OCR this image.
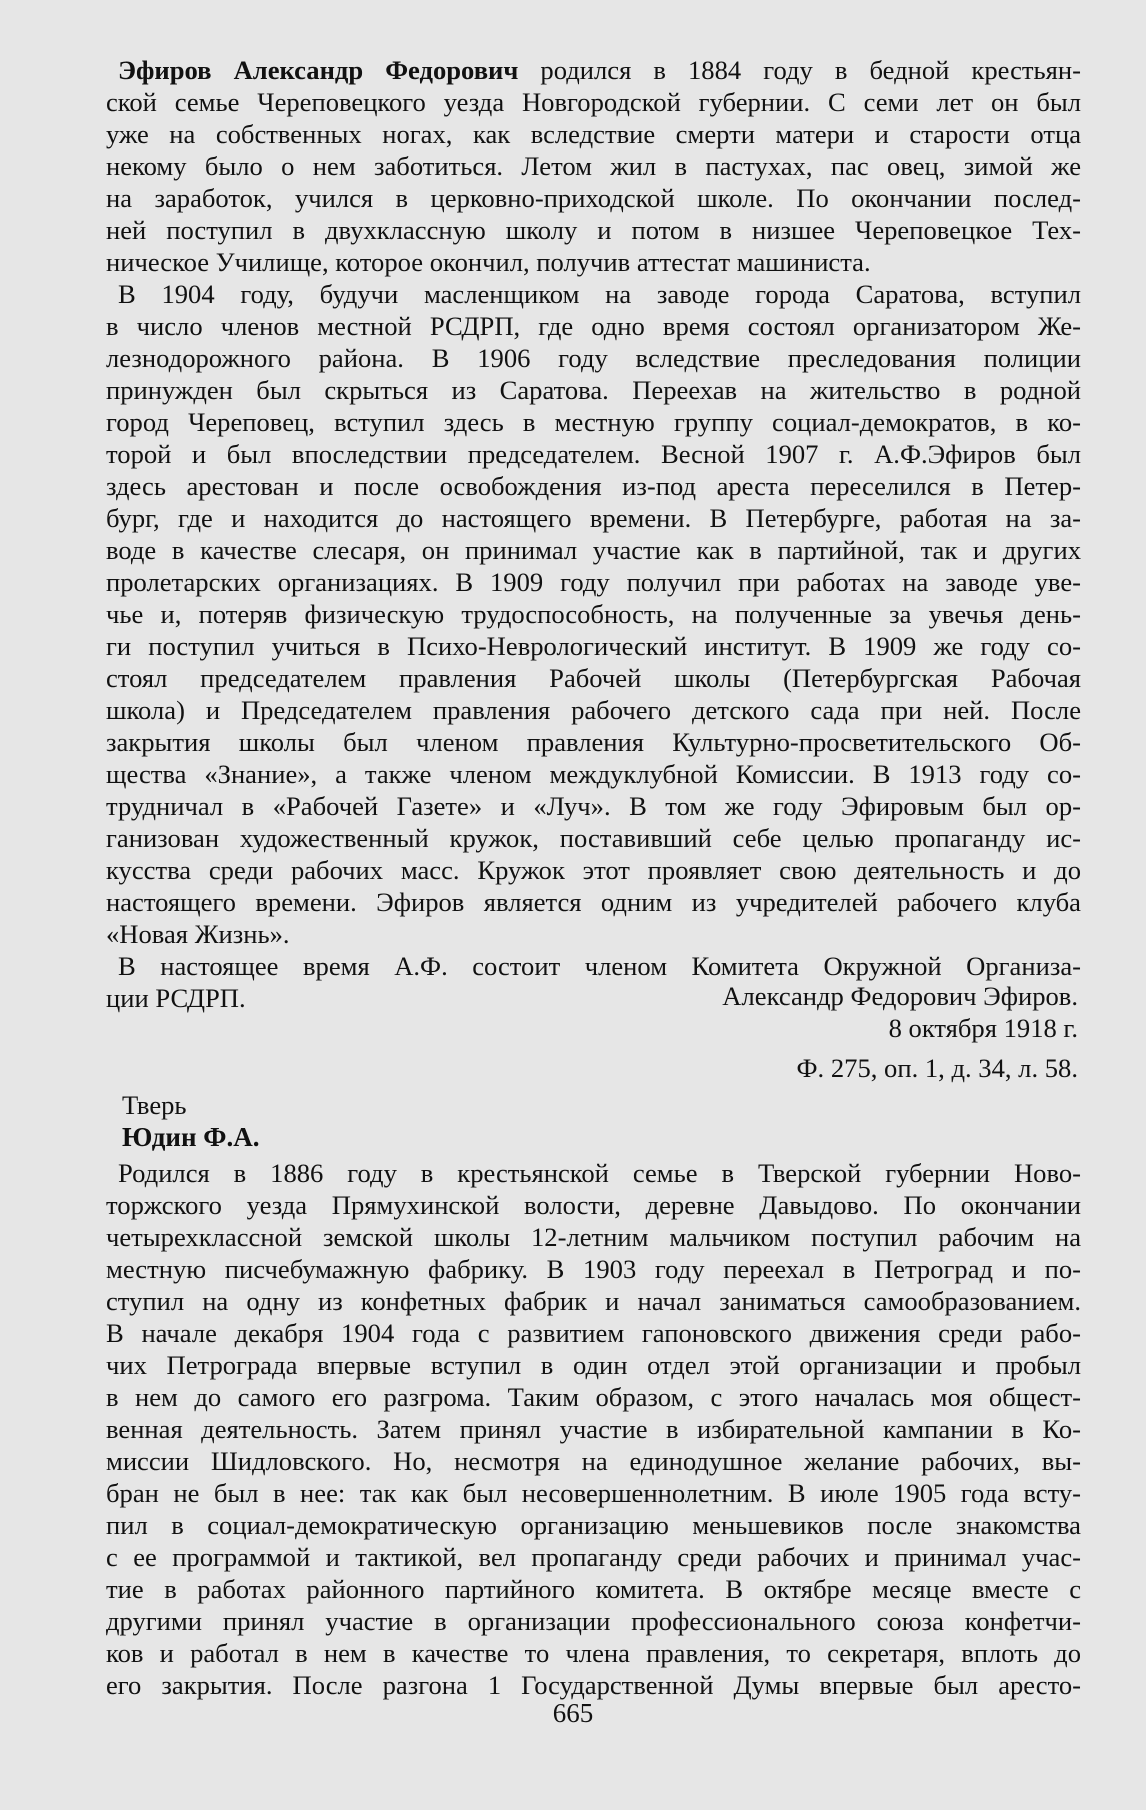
Эфиров Александр Федорович родился в 1884 году в бедной крестьян-
ской семье Череповецкого уезда Новгородской губернии. С семи лет он был
уже на собственных ногах, как вследствие смерти матери и старости отца
некому было о нем заботиться. Летом жил в пастухах, пас овец, зимой же
на заработок, учился в церковно-приходской школе. По окончании послед-
ней поступил в двухклассную школу и потом в низшее Череповецкое Тех-
ническое Училище, которое окончил, получив аттестат машиниста.
В 1904 году, будучи масленщиком на заводе города Саратова, вступил
в число членов местной РСДРП, где одно время состоял организатором Же-
лезнодорожного района. В 1906 году вследствие преследования полиции
принужден был скрыться из Саратова. Переехав на жительство в родной
город Череповец, вступил здесь в местную группу социал-демократов, в ко-
торой и был впоследствии председателем. Весной 1907 г. А.Ф.Эфиров был
здесь арестован и после освобождения из-под ареста переселился в Петер-
бург, где и находится до настоящего времени. В Петербурге, работая на за-
воде в качестве слесаря, он принимал участие как в партийной, так и других
пролетарских организациях. В 1909 году получил при работах на заводе уве-
чье и, потеряв физическую трудоспособность, на полученные за увечья день-
ги поступил учиться в Психо-Неврологический институт. В 1909 же году со-
стоял председателем правления Рабочей школы (Петербургская Рабочая
школа) и Председателем правления рабочего детского сада при ней. После
закрытия школы был членом правления Культурно-просветительского Об-
щества «Знание», а также членом междуклубной Комиссии. В 1913 году со-
трудничал в «Рабочей Газете» и «Луч». В том же году Эфировым был ор-
ганизован художественный кружок, поставивший себе целью пропаганду ис-
кусства среди рабочих масс. Кружок этот проявляет свою деятельность и до
настоящего времени. Эфиров является одним из учредителей рабочего клуба
«Новая Жизнь».
В настоящее время А.Ф. состоит членом Комитета Окружной Организа-
ции РСДРП.	Александр Федорович Эфиров.
8 октября 1918 г.
Ф. 275, оп. 1, д. 34, л. 58.
Тверь
Юдин Ф.А.
Родился в 1886 году в крестьянской семье в Тверской губернии Ново-
торжского уезда Прямухинской волости, деревне Давыдово. По окончании
четырехклассной земской школы 12-летним мальчиком поступил рабочим на
местную писчебумажную фабрику. В 1903 году переехал в Петроград и по-
ступил на одну из конфетных фабрик и начал заниматься самообразованием.
В начале декабря 1904 года с развитием гапоновского движения среди рабо-
чих Петрограда впервые вступил в один отдел этой организации и пробыл
в нем до самого его разгрома. Таким образом, с этого началась моя общест-
венная деятельность. Затем принял участие в избирательной кампании в Ко-
миссии Шидловского. Но, несмотря на единодушное желание рабочих, вы-
бран не был в нее: так как был несовершеннолетним. В июле 1905 года всту-
пил в социал-демократическую организацию меньшевиков после знакомства
с ее программой и тактикой, вел пропаганду среди рабочих и принимал учас-
тие в работах районного партийного комитета. В октябре месяце вместе с
другими принял участие в организации профессионального союза конфетчи-
ков и работал в нем в качестве то члена правления, то секретаря, вплоть до
его закрытия. После разгона 1 Государственной Думы впервые был аресто-
665
